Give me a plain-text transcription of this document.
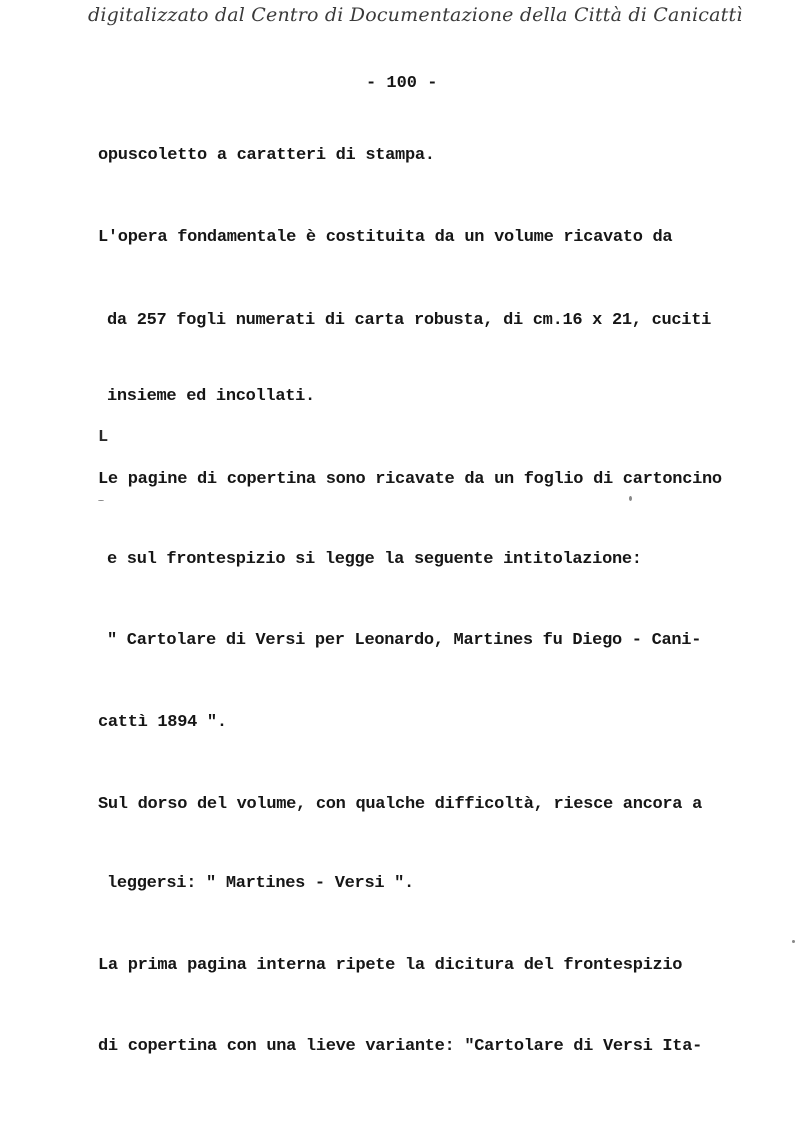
digitalizzato dal Centro di Documentazione della Città di Canicattì
- 100 -
opuscoletto a caratteri di stampa.
L'opera fondamentale è costituita da un volume ricavato da
da 257 fogli numerati di carta robusta, di cm.16 x 21, cuciti
insieme ed incollati.
L
Le pagine di copertina sono ricavate da un foglio di cartoncino
e sul frontespizio si legge la seguente intitolazione:
" Cartolare di Versi per Leonardo, Martines fu Diego - Cani-
cattì 1894 ".
Sul dorso del volume, con qualche difficoltà, riesce ancora a
leggersi: " Martines - Versi ".
La prima pagina interna ripete la dicitura del frontespizio
di copertina con una lieve variante: "Cartolare di Versi Ita-
